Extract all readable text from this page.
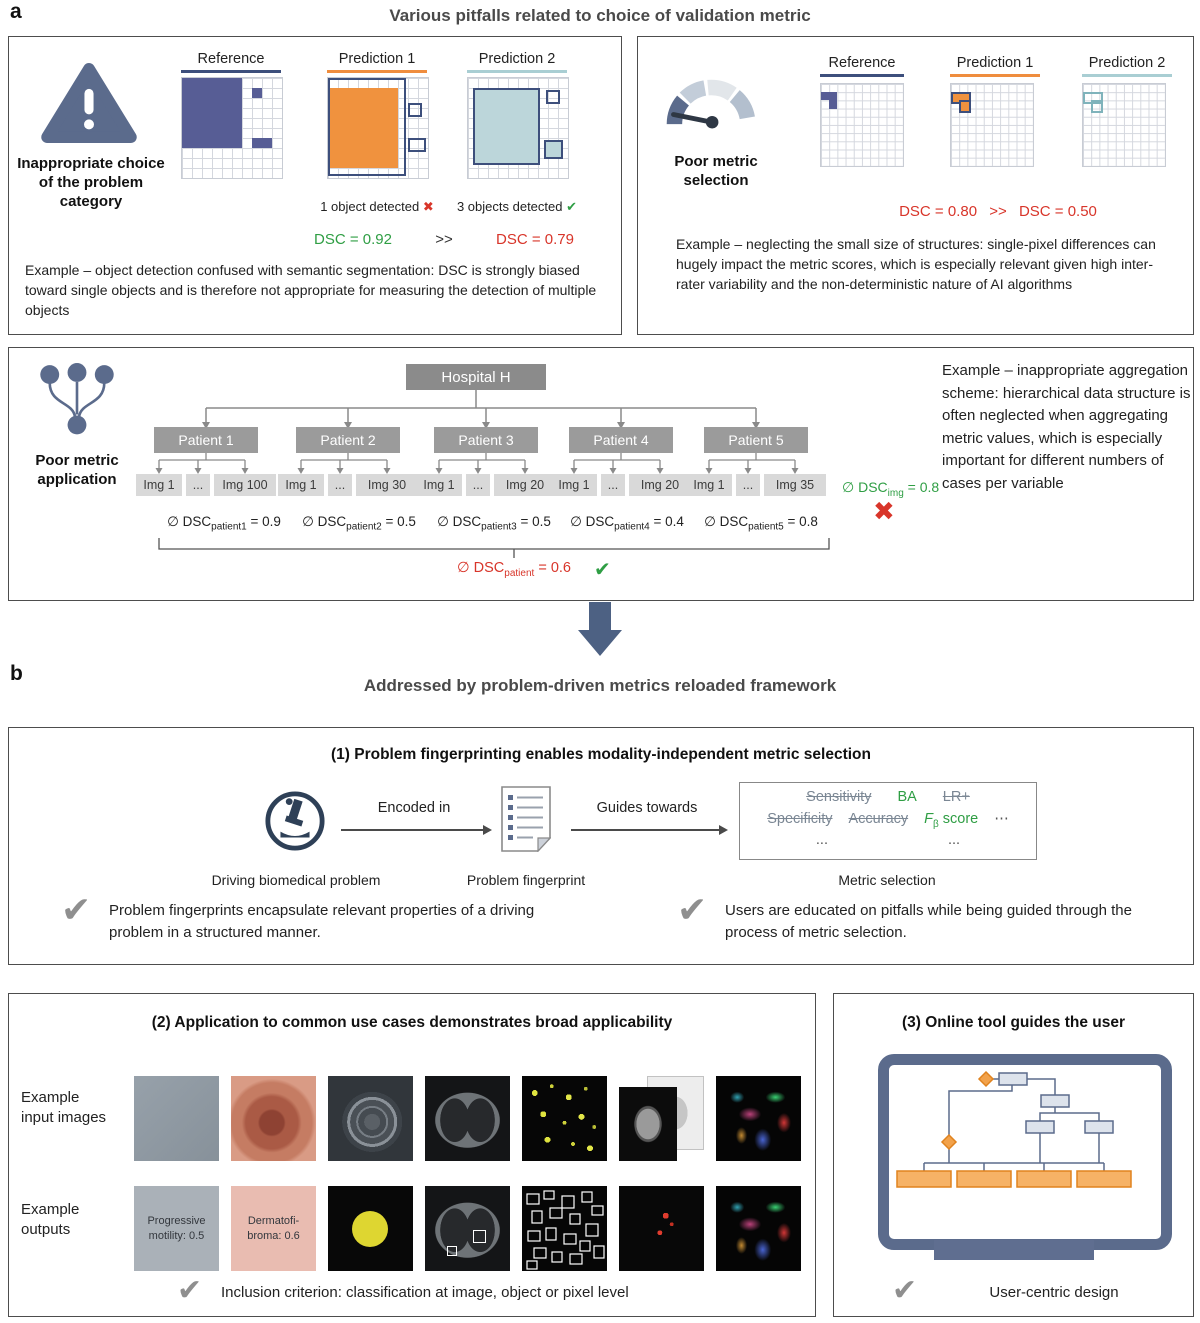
a	Various pitfalls related to choice of validation metric
Inappropriate choice of the problem category
Reference	Prediction 1	Prediction 2
1 object detected ✖	3 objects detected ✔
DSC = 0.92	>>	DSC = 0.79
Example – object detection confused with semantic segmentation: DSC is strongly biased toward single objects and is therefore not appropriate for measuring the detection of multiple objects
Poor metric selection
Reference	Prediction 1	Prediction 2
DSC = 0.80 >> DSC = 0.50
Example – neglecting the small size of structures: single-pixel differences can hugely impact the metric scores, which is especially relevant given high inter-rater variability and the non-deterministic nature of AI algorithms
Poor metric application
Hospital H
Patient 1	Patient 2	Patient 3	Patient 4	Patient 5
Img 1	...	Img 100	Img 1	...	Img 30	Img 1	...	Img 20	Img 1	...	Img 20	Img 1	...	Img 35	∅ $DSC_{img} = 0.8$
✖
∅ $DSC_{patient1} = 0.9$ ∅ $DSC_{patient2} = 0.5$ ∅ $DSC_{patient3} = 0.5$ ∅ $DSC_{patient4} = 0.4$ ∅ $DSC_{patient5} = 0.8$
∅ $DSC_{patient} = 0.6$ ✔
Example – inappropriate aggregation scheme: hierarchical data structure is often neglected when aggregating metric values, which is especially important for different numbers of cases per variable
b
Addressed by problem-driven metrics reloaded framework
(1) Problem fingerprinting enables modality-independent metric selection
Encoded in	Guides towards
Sensitivity BA LR+
Specificity Accuracy $F_\beta$ score ⋯
...	...
Driving biomedical problem	Problem fingerprint	Metric selection
✔ Problem fingerprints encapsulate relevant properties of a driving problem in a structured manner.
✔ Users are educated on pitfalls while being guided through the process of metric selection.
(2) Application to common use cases demonstrates broad applicability
Example input images
Example outputs
Progressive motility: 0.5
Dermatofi-broma: 0.6
✔ Inclusion criterion: classification at image, object or pixel level
(3) Online tool guides the user
✔	User-centric design
